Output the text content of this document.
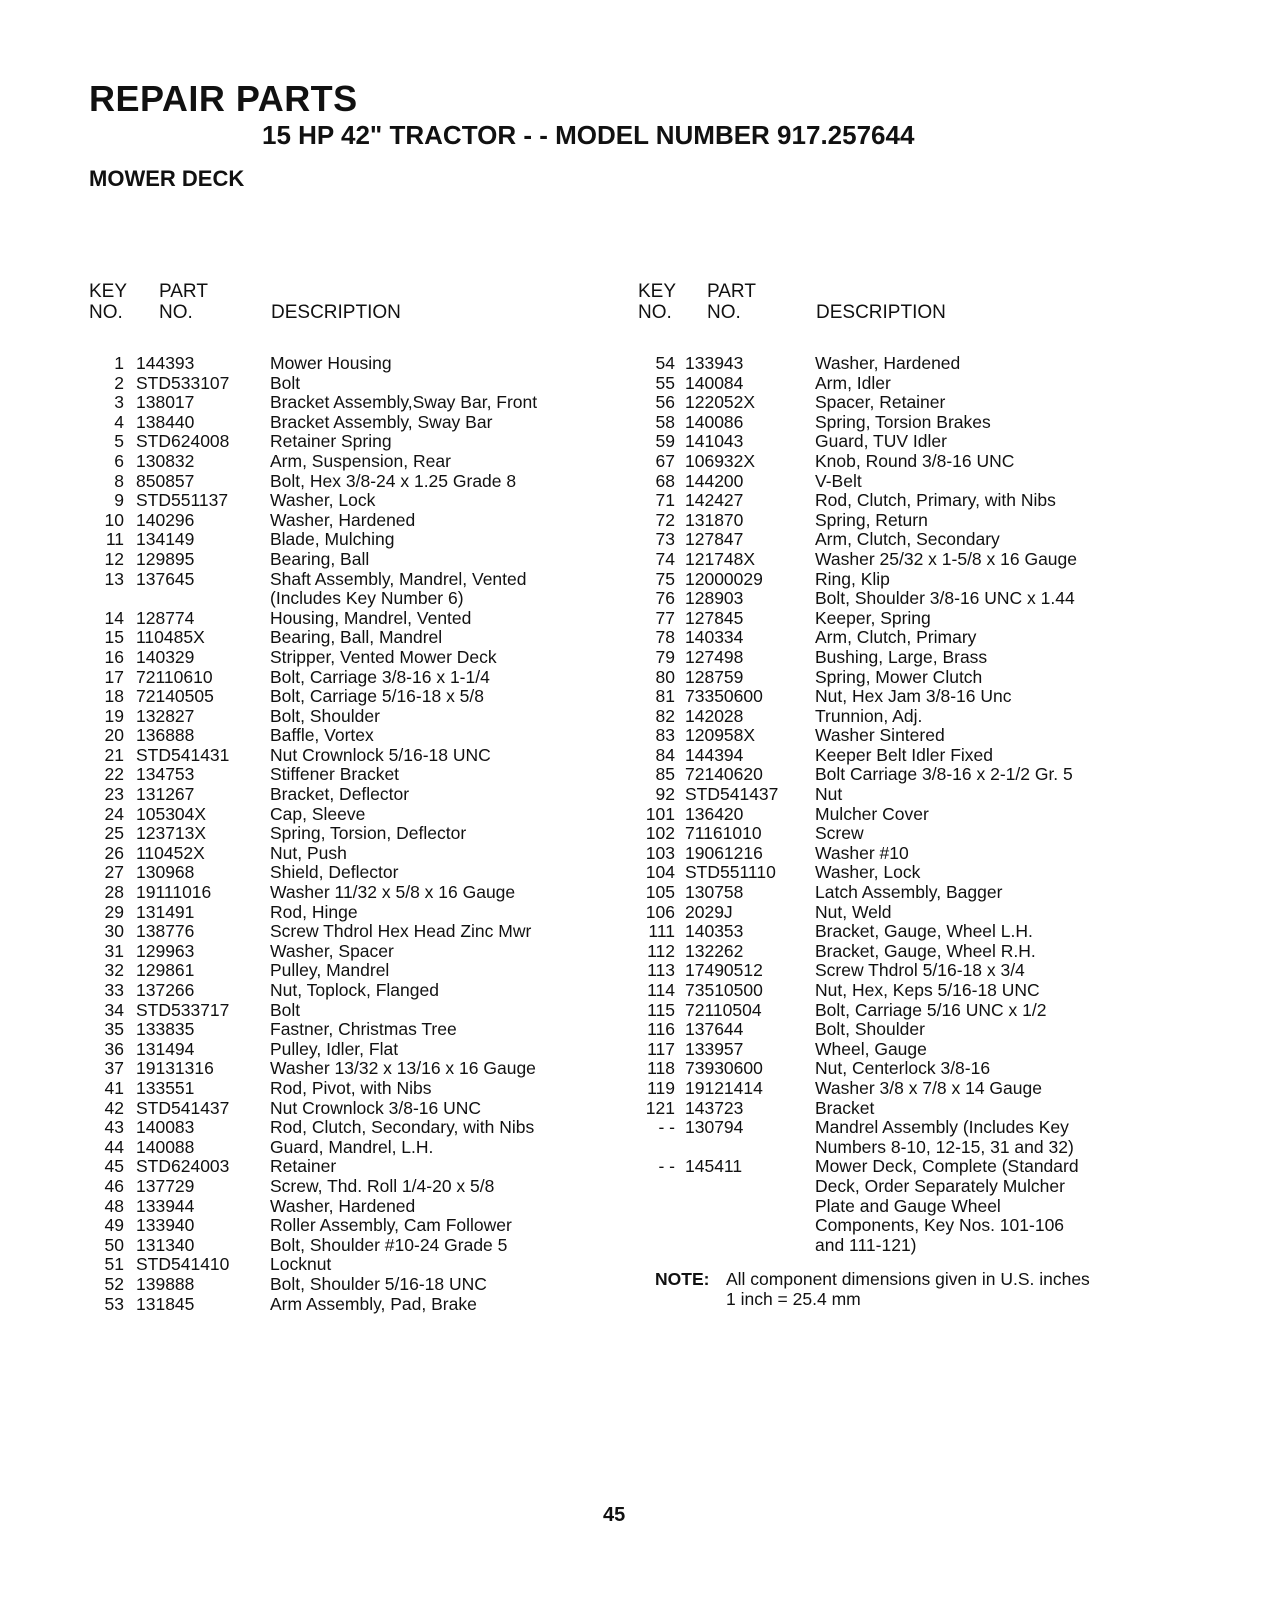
REPAIR PARTS
15 HP 42" TRACTOR - - MODEL NUMBER 917.257644
MOWER DECK
KEY
NO.
PART
NO.	DESCRIPTION
KEY
NO.
PART
NO.	DESCRIPTION
1 144393	Mower Housing
2 STD533107 Bolt
3 138017	Bracket Assembly,Sway Bar, Front
4 138440	Bracket Assembly, Sway Bar
5 STD624008 Retainer Spring
6 130832	Arm, Suspension, Rear
8 850857	Bolt, Hex 3/8-24 x 1.25 Grade 8
9 STD551137 Washer, Lock
10 140296	Washer, Hardened
11 134149	Blade, Mulching
12 129895	Bearing, Ball
13 137645	Shaft Assembly, Mandrel, Vented
(Includes Key Number 6)
14 128774	Housing, Mandrel, Vented
15 110485X	Bearing, Ball, Mandrel
16 140329	Stripper, Vented Mower Deck
17 72110610	Bolt, Carriage 3/8-16 x 1-1/4
18 72140505	Bolt, Carriage 5/16-18 x 5/8
19 132827	Bolt, Shoulder
20 136888	Baffle, Vortex
21 STD541431 Nut Crownlock 5/16-18 UNC
22 134753	Stiffener Bracket
23 131267	Bracket, Deflector
24 105304X	Cap, Sleeve
25 123713X	Spring, Torsion, Deflector
26 110452X	Nut, Push
27 130968	Shield, Deflector
28 19111016	Washer 11/32 x 5/8 x 16 Gauge
29 131491	Rod, Hinge
30 138776	Screw Thdrol Hex Head Zinc Mwr
31 129963	Washer, Spacer
32 129861	Pulley, Mandrel
33 137266	Nut, Toplock, Flanged
34 STD533717 Bolt
35 133835	Fastner, Christmas Tree
36 131494	Pulley, Idler, Flat
37 19131316	Washer 13/32 x 13/16 x 16 Gauge
41 133551	Rod, Pivot, with Nibs
42 STD541437 Nut Crownlock 3/8-16 UNC
43 140083	Rod, Clutch, Secondary, with Nibs
44 140088	Guard, Mandrel, L.H.
45 STD624003 Retainer
46 137729	Screw, Thd. Roll 1/4-20 x 5/8
48 133944	Washer, Hardened
49 133940	Roller Assembly, Cam Follower
50 131340	Bolt, Shoulder #10-24 Grade 5
51 STD541410 Locknut
52 139888	Bolt, Shoulder 5/16-18 UNC
53 131845	Arm Assembly, Pad, Brake
54 133943	Washer, Hardened
55 140084	Arm, Idler
56 122052X	Spacer, Retainer
58 140086	Spring, Torsion Brakes
59 141043	Guard, TUV Idler
67 106932X	Knob, Round 3/8-16 UNC
68 144200	V-Belt
71 142427	Rod, Clutch, Primary, with Nibs
72 131870	Spring, Return
73 127847	Arm, Clutch, Secondary
74 121748X	Washer 25/32 x 1-5/8 x 16 Gauge
75 12000029	Ring, Klip
76 128903	Bolt, Shoulder 3/8-16 UNC x 1.44
77 127845	Keeper, Spring
78 140334	Arm, Clutch, Primary
79 127498	Bushing, Large, Brass
80 128759	Spring, Mower Clutch
81 73350600	Nut, Hex Jam 3/8-16 Unc
82 142028	Trunnion, Adj.
83 120958X	Washer Sintered
84 144394	Keeper Belt Idler Fixed
85 72140620	Bolt Carriage 3/8-16 x 2-1/2 Gr. 5
92 STD541437 Nut
101 136420	Mulcher Cover
102 71161010	Screw
103 19061216	Washer #10
104 STD551110 Washer, Lock
105 130758	Latch Assembly, Bagger
106 2029J	Nut, Weld
111 140353	Bracket, Gauge, Wheel L.H.
112 132262	Bracket, Gauge, Wheel R.H.
113 17490512	Screw Thdrol 5/16-18 x 3/4
114 73510500	Nut, Hex, Keps 5/16-18 UNC
115 72110504	Bolt, Carriage 5/16 UNC x 1/2
116 137644	Bolt, Shoulder
117 133957	Wheel, Gauge
118 73930600	Nut, Centerlock 3/8-16
119 19121414	Washer 3/8 x 7/8 x 14 Gauge
121 143723	Bracket
- - 130794	Mandrel Assembly (Includes Key
Numbers 8-10, 12-15, 31 and 32)
- - 145411	Mower Deck, Complete (Standard
Deck, Order Separately Mulcher
Plate and Gauge Wheel
Components, Key Nos. 101-106
and 111-121)
NOTE: All component dimensions given in U.S. inches
1 inch = 25.4 mm
45
